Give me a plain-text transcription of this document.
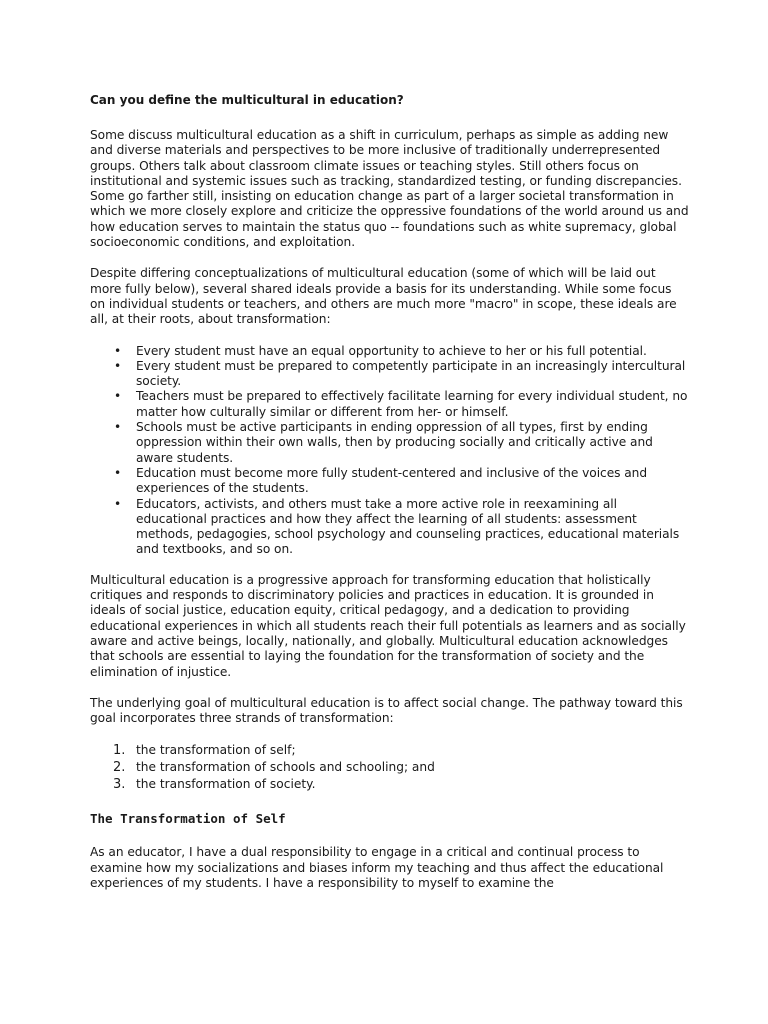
Can you define the multicultural in education?

Some discuss multicultural education as a shift in curriculum, perhaps as simple as adding new and diverse materials and perspectives to be more inclusive of traditionally underrepresented groups. Others talk about classroom climate issues or teaching styles. Still others focus on institutional and systemic issues such as tracking, standardized testing, or funding discrepancies. Some go farther still, insisting on education change as part of a larger societal transformation in which we more closely explore and criticize the oppressive foundations of the world around us and how education serves to maintain the status quo -- foundations such as white supremacy, global socioeconomic conditions, and exploitation.

Despite differing conceptualizations of multicultural education (some of which will be laid out more fully below), several shared ideals provide a basis for its understanding. While some focus on individual students or teachers, and others are much more "macro" in scope, these ideals are all, at their roots, about transformation:

• Every student must have an equal opportunity to achieve to her or his full potential.
• Every student must be prepared to competently participate in an increasingly intercultural society.
• Teachers must be prepared to effectively facilitate learning for every individual student, no matter how culturally similar or different from her- or himself.
• Schools must be active participants in ending oppression of all types, first by ending oppression within their own walls, then by producing socially and critically active and aware students.
• Education must become more fully student-centered and inclusive of the voices and experiences of the students.
• Educators, activists, and others must take a more active role in reexamining all educational practices and how they affect the learning of all students: assessment methods, pedagogies, school psychology and counseling practices, educational materials and textbooks, and so on.

Multicultural education is a progressive approach for transforming education that holistically critiques and responds to discriminatory policies and practices in education. It is grounded in ideals of social justice, education equity, critical pedagogy, and a dedication to providing educational experiences in which all students reach their full potentials as learners and as socially aware and active beings, locally, nationally, and globally. Multicultural education acknowledges that schools are essential to laying the foundation for the transformation of society and the elimination of injustice.

The underlying goal of multicultural education is to affect social change. The pathway toward this goal incorporates three strands of transformation:

the transformation of self;
the transformation of schools and schooling; and
the transformation of society.
The Transformation of Self

As an educator, I have a dual responsibility to engage in a critical and continual process to examine how my socializations and biases inform my teaching and thus affect the educational experiences of my students. I have a responsibility to myself to examine the
